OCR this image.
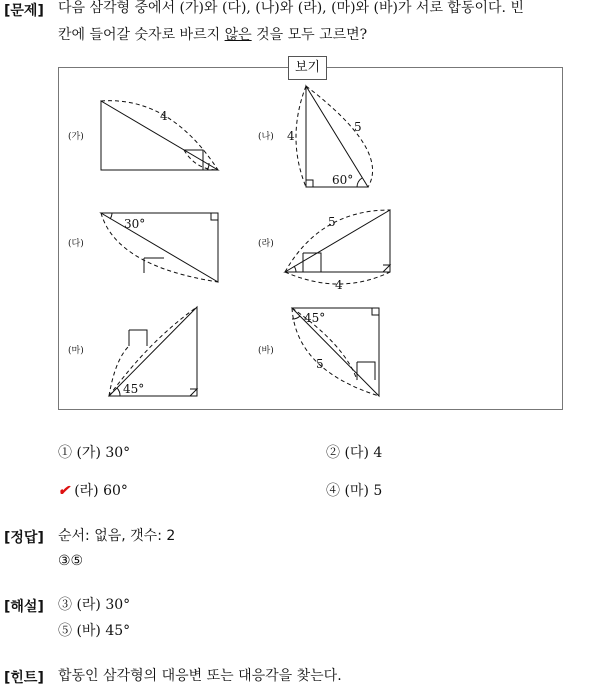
[문제] 다음 삼각형 중에서 (가)와 (다), (나)와 (라), (마)와 (바)가 서로 합동이다. 빈
칸에 들어갈 숫자로 바르지 않은 것을 모두 고르면?
보기
(가)
4
(나) 4
5
60°
(다)
30°
(라)
5
4
(마)
45°
(바)
45°
5
① (가) 30°	② (다) 4
✔ (라) 60°	④ (마) 5
[정답] 순서: 없음, 갯수: 2
③⑤
[해설] ③ (라) 30°
⑤ (바) 45°
[힌트] 합동인 삼각형의 대응변 또는 대응각을 찾는다.
